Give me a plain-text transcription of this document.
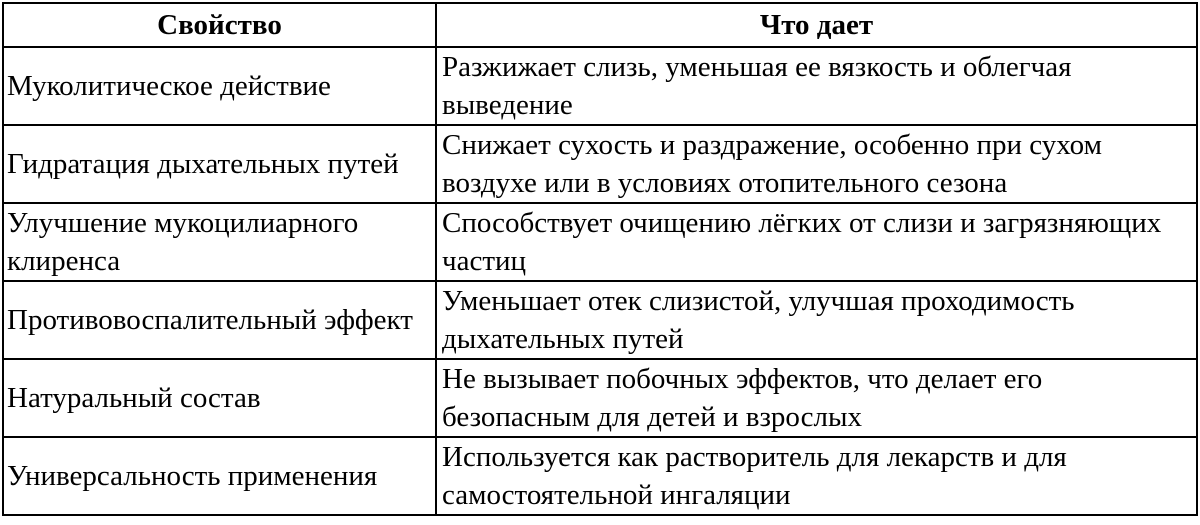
Свойство	Что дает
Муколитическое действие	Разжижает слизь, уменьшая ее вязкость и облегчая выведение
Гидратация дыхательных путей	Снижает сухость и раздражение, особенно при сухом воздухе или в условиях отопительного сезона
Улучшение мукоцилиарного клиренса	Способствует очищению лёгких от слизи и загрязняющих частиц
Противовоспалительный эффект	Уменьшает отек слизистой, улучшая проходимость дыхательных путей
Натуральный состав	Не вызывает побочных эффектов, что делает его безопасным для детей и взрослых
Универсальность применения	Используется как растворитель для лекарств и для самостоятельной ингаляции
